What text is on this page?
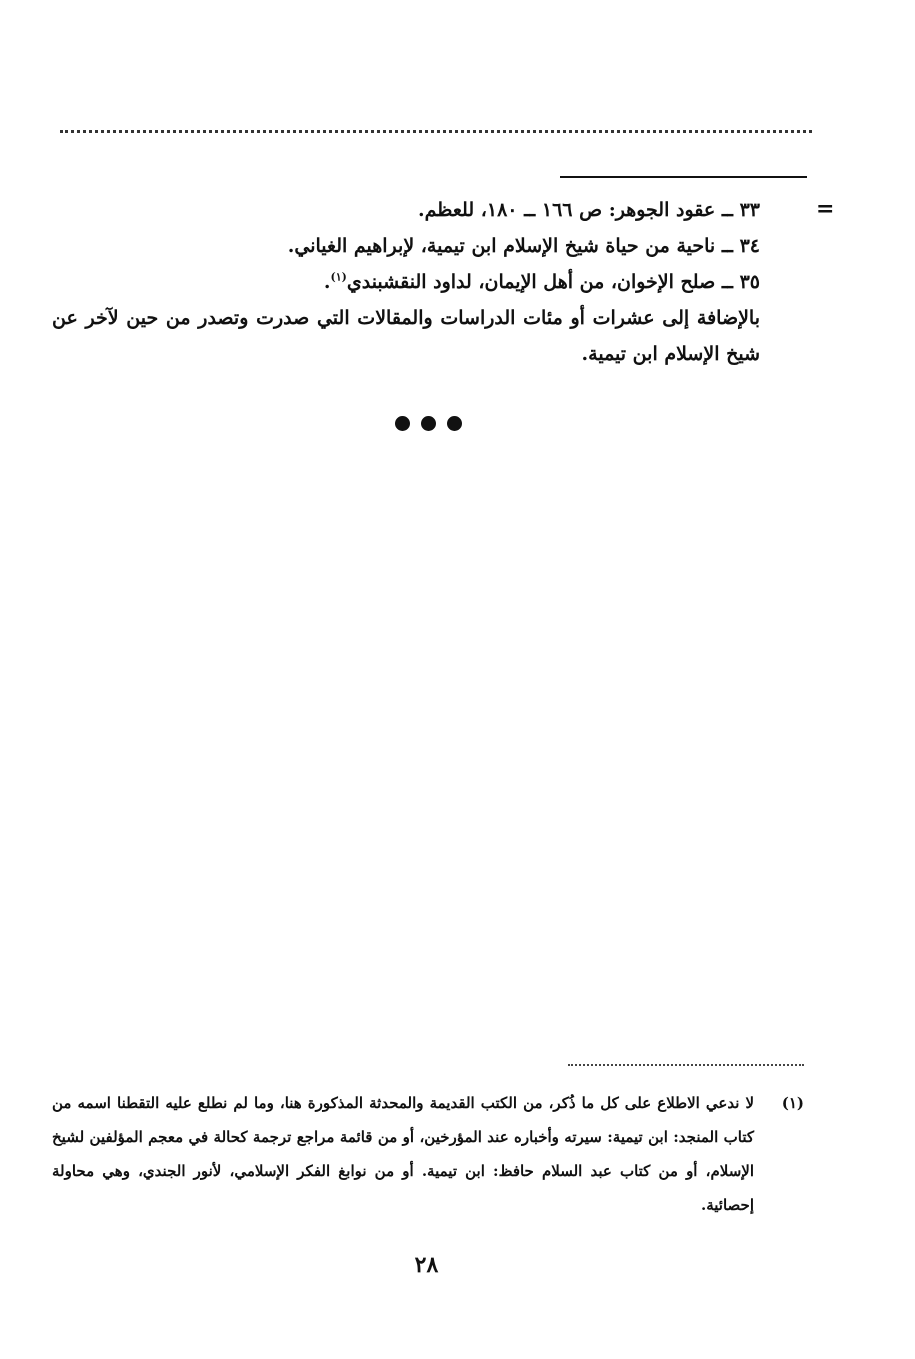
=
٣٣ ــ عقود الجوهر: ص ١٦٦ ــ ١٨٠، للعظم.
٣٤ ــ ناحية من حياة شيخ الإسلام ابن تيمية، لإبراهيم الغياني.
٣٥ ــ صلح الإخوان، من أهل الإيمان، لداود النقشبندي$^{(١)}$.
بالإضافة إلى عشرات أو مئات الدراسات والمقالات التي صدرت وتصدر من حين لآخر عن شيخ الإسلام ابن تيمية.
(١)
لا ندعي الاطلاع على كل ما ذُكر، من الكتب القديمة والمحدثة المذكورة هنا، وما لم نطلع عليه التقطنا اسمه من كتاب المنجد: ابن تيمية: سيرته وأخباره عند المؤرخين، أو من قائمة مراجع ترجمة كحالة في معجم المؤلفين لشيخ الإسلام، أو من كتاب عبد السلام حافظ: ابن تيمية. أو من نوابغ الفكر الإسلامي، لأنور الجندي، وهي محاولة إحصائية.
٢٨
